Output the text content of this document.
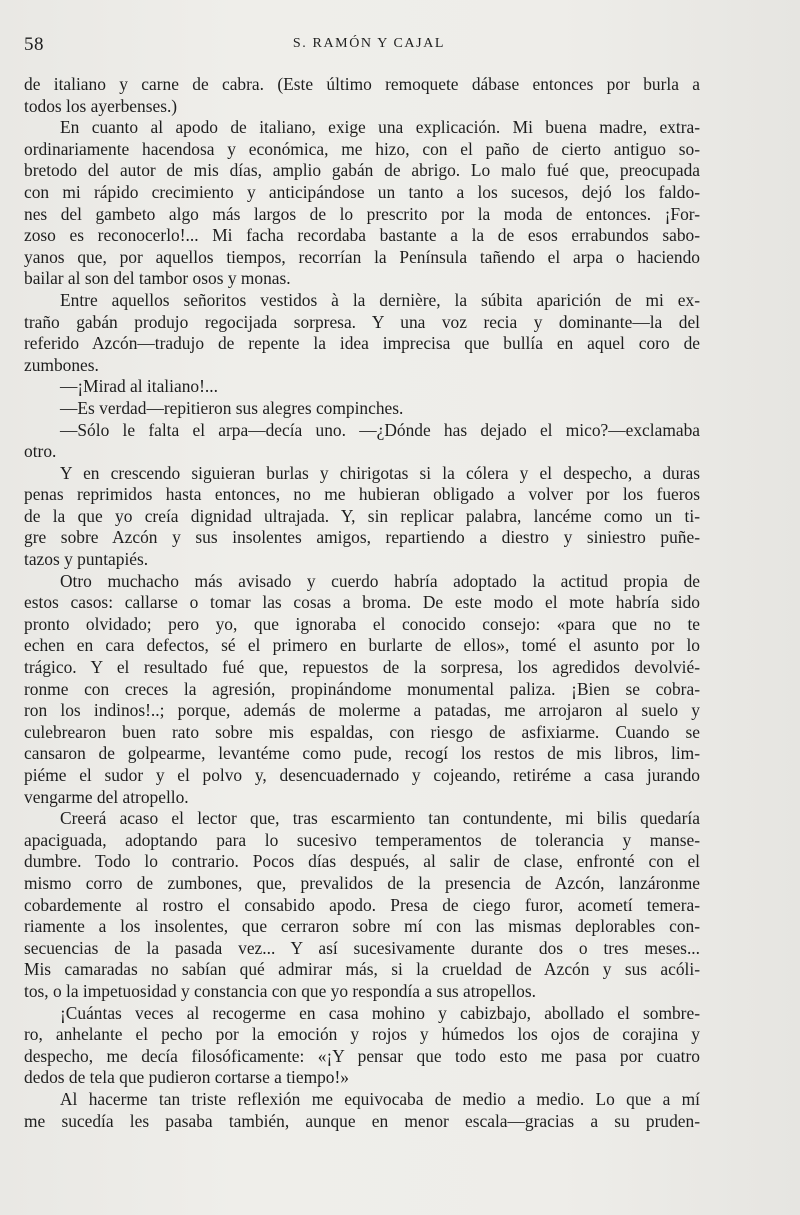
58	S. RAMÓN Y CAJAL
de italiano y carne de cabra. (Este último remoquete dábase entonces por burla a
todos los ayerbenses.)
En cuanto al apodo de italiano, exige una explicación. Mi buena madre, extra-
ordinariamente hacendosa y económica, me hizo, con el paño de cierto antiguo so-
bretodo del autor de mis días, amplio gabán de abrigo. Lo malo fué que, preocupada
con mi rápido crecimiento y anticipándose un tanto a los sucesos, dejó los faldo-
nes del gambeto algo más largos de lo prescrito por la moda de entonces. ¡For-
zoso es reconocerlo!... Mi facha recordaba bastante a la de esos errabundos sabo-
yanos que, por aquellos tiempos, recorrían la Península tañendo el arpa o haciendo
bailar al son del tambor osos y monas.
Entre aquellos señoritos vestidos à la dernière, la súbita aparición de mi ex-
traño gabán produjo regocijada sorpresa. Y una voz recia y dominante—la del
referido Azcón—tradujo de repente la idea imprecisa que bullía en aquel coro de
zumbones.
—¡Mirad al italiano!...
—Es verdad—repitieron sus alegres compinches.
—Sólo le falta el arpa—decía uno. —¿Dónde has dejado el mico?—exclamaba
otro.
Y en crescendo siguieran burlas y chirigotas si la cólera y el despecho, a duras
penas reprimidos hasta entonces, no me hubieran obligado a volver por los fueros
de la que yo creía dignidad ultrajada. Y, sin replicar palabra, lancéme como un ti-
gre sobre Azcón y sus insolentes amigos, repartiendo a diestro y siniestro puñe-
tazos y puntapiés.
Otro muchacho más avisado y cuerdo habría adoptado la actitud propia de
estos casos: callarse o tomar las cosas a broma. De este modo el mote habría sido
pronto olvidado; pero yo, que ignoraba el conocido consejo: «para que no te
echen en cara defectos, sé el primero en burlarte de ellos», tomé el asunto por lo
trágico. Y el resultado fué que, repuestos de la sorpresa, los agredidos devolvié-
ronme con creces la agresión, propinándome monumental paliza. ¡Bien se cobra-
ron los indinos!..; porque, además de molerme a patadas, me arrojaron al suelo y
culebrearon buen rato sobre mis espaldas, con riesgo de asfixiarme. Cuando se
cansaron de golpearme, levantéme como pude, recogí los restos de mis libros, lim-
piéme el sudor y el polvo y, desencuadernado y cojeando, retiréme a casa jurando
vengarme del atropello.
Creerá acaso el lector que, tras escarmiento tan contundente, mi bilis quedaría
apaciguada, adoptando para lo sucesivo temperamentos de tolerancia y manse-
dumbre. Todo lo contrario. Pocos días después, al salir de clase, enfronté con el
mismo corro de zumbones, que, prevalidos de la presencia de Azcón, lanzáronme
cobardemente al rostro el consabido apodo. Presa de ciego furor, acometí temera-
riamente a los insolentes, que cerraron sobre mí con las mismas deplorables con-
secuencias de la pasada vez... Y así sucesivamente durante dos o tres meses...
Mis camaradas no sabían qué admirar más, si la crueldad de Azcón y sus acóli-
tos, o la impetuosidad y constancia con que yo respondía a sus atropellos.
¡Cuántas veces al recogerme en casa mohino y cabizbajo, abollado el sombre-
ro, anhelante el pecho por la emoción y rojos y húmedos los ojos de corajina y
despecho, me decía filosóficamente: «¡Y pensar que todo esto me pasa por cuatro
dedos de tela que pudieron cortarse a tiempo!»
Al hacerme tan triste reflexión me equivocaba de medio a medio. Lo que a mí
me sucedía les pasaba también, aunque en menor escala—gracias a su pruden-
